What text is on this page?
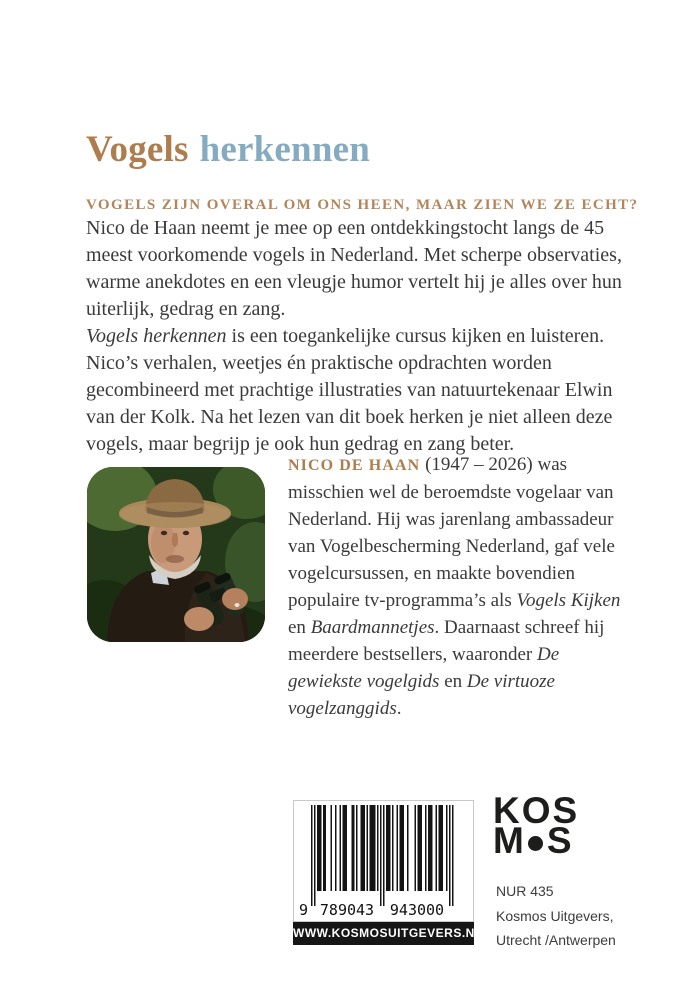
Vogels herkennen
VOGELS ZIJN OVERAL OM ONS HEEN, MAAR ZIEN WE ZE ECHT?

Nico de Haan neemt je mee op een ontdekkingstocht langs de 45 meest voorkomende vogels in Nederland. Met scherpe observaties, warme anekdotes en een vleugje humor vertelt hij je alles over hun uiterlijk, gedrag en zang.

Vogels herkennen is een toegankelijke cursus kijken en luisteren. Nico’s verhalen, weetjes én praktische opdrachten worden gecombineerd met prachtige illustraties van natuurtekenaar Elwin van der Kolk. Na het lezen van dit boek herken je niet alleen deze vogels, maar begrijp je ook hun gedrag en zang beter.

NICO DE HAAN (1947 – 2026) was misschien wel de beroemdste vogelaar van Nederland. Hij was jarenlang ambassadeur van Vogelbescherming Nederland, gaf vele vogelcursussen, en maakte bovendien populaire tv-programma’s als Vogels Kijken en Baardmannetjes. Daarnaast schreef hij meerdere bestsellers, waaronder De gewiekste vogelgids en De virtuoze vogelzanggids.
9 789043 943000
WWW.KOSMOSUITGEVERS.NL
KOS
M S
NUR 435
Kosmos Uitgevers,
Utrecht /Antwerpen
